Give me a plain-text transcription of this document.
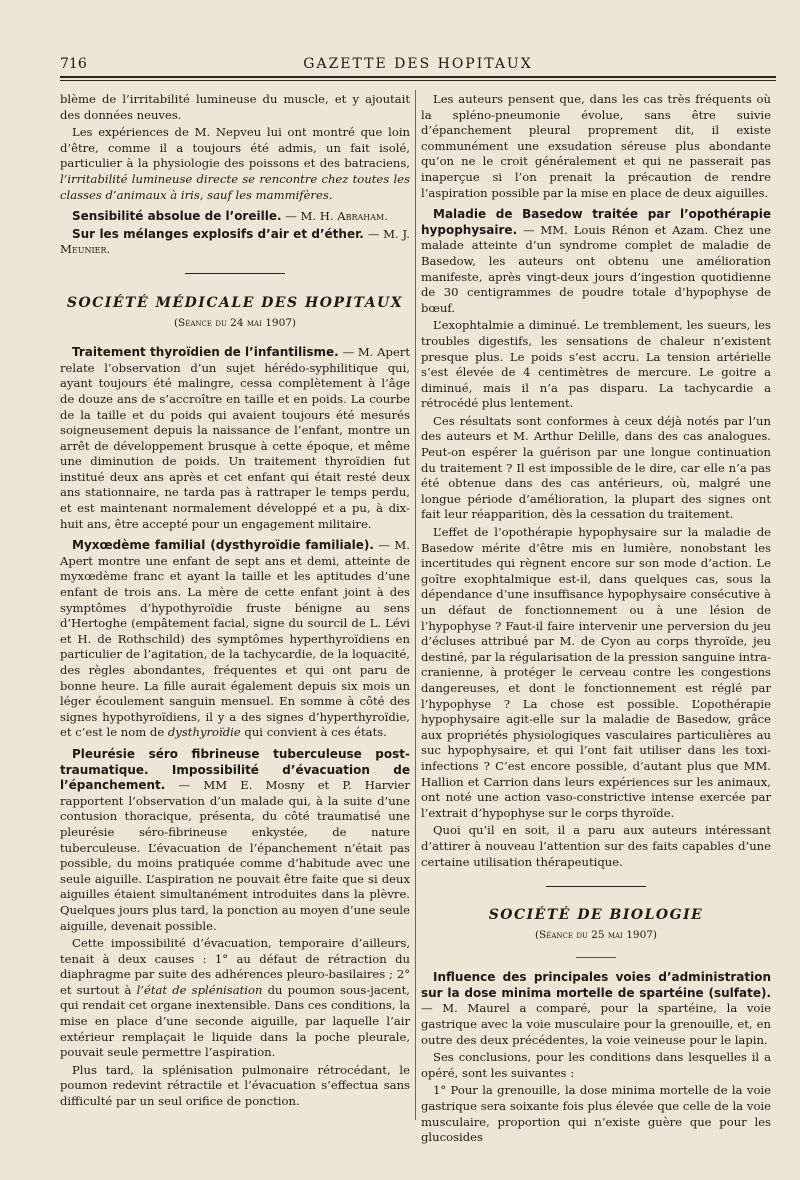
716	GAZETTE DES HOPITAUX

blème de l’irritabilité lumineuse du muscle, et y ajoutait des données neuves.

Les expériences de M. Nepveu lui ont montré que loin d’être, comme il a toujours été admis, un fait isolé, particulier à la physiologie des poissons et des batraciens, l’irritabilité lumineuse directe se rencontre chez toutes les classes d’animaux à iris, sauf les mammifères.

Sensibilité absolue de l’oreille. — M. H. Abraham.

Sur les mélanges explosifs d’air et d’éther. — M. J. Meunier.

SOCIÉTÉ MÉDICALE DES HOPITAUX
(Séance du 24 mai 1907)

Traitement thyroïdien de l’infantilisme. — M. Apert relate l’observation d’un sujet hérédo-syphilitique qui, ayant toujours été malingre, cessa complètement à l’âge de douze ans de s’accroître en taille et en poids. La courbe de la taille et du poids qui avaient toujours été mesurés soigneusement depuis la naissance de l’enfant, montre un arrêt de développement brusque à cette époque, et même une diminution de poids. Un traitement thyroïdien fut institué deux ans après et cet enfant qui était resté deux ans stationnaire, ne tarda pas à rattraper le temps perdu, et est maintenant normalement développé et a pu, à dix-huit ans, être accepté pour un engagement militaire.

Myxœdème familial (dysthyroïdie familiale). — M. Apert montre une enfant de sept ans et demi, atteinte de myxœdème franc et ayant la taille et les aptitudes d’une enfant de trois ans. La mère de cette enfant joint à des symptômes d’hypothyroïdie fruste bénigne au sens d’Hertoghe (empâtement facial, signe du sourcil de L. Lévi et H. de Rothschild) des symptômes hyperthyroïdiens en particulier de l’agitation, de la tachycardie, de la loquacité, des règles abondantes, fréquentes et qui ont paru de bonne heure. La fille aurait également depuis six mois un léger écoulement sanguin mensuel. En somme à côté des signes hypothyroïdiens, il y a des signes d’hyperthyroïdie, et c’est le nom de dysthyroïdie qui convient à ces états.

Pleurésie séro fibrineuse tuberculeuse post-traumatique. Impossibilité d’évacuation de l’épanchement. — MM E. Mosny et P. Harvier rapportent l’observation d’un malade qui, à la suite d’une contusion thoracique, présenta, du côté traumatisé une pleurésie séro-fibrineuse enkystée, de nature tuberculeuse. L’évacuation de l’épanchement n’était pas possible, du moins pratiquée comme d’habitude avec une seule aiguille. L’aspiration ne pouvait être faite que si deux aiguilles étaient simultanément introduites dans la plèvre. Quelques jours plus tard, la ponction au moyen d’une seule aiguille, devenait possible.

Cette impossibilité d’évacuation, temporaire d’ailleurs, tenait à deux causes : 1° au défaut de rétraction du diaphragme par suite des adhérences pleuro-basilaires ; 2° et surtout à l’état de splénisation du poumon sous-jacent, qui rendait cet organe inextensible. Dans ces conditions, la mise en place d’une seconde aiguille, par laquelle l’air extérieur remplaçait le liquide dans la poche pleurale, pouvait seule permettre l’aspiration.

Plus tard, la splénisation pulmonaire rétrocédant, le poumon redevint rétractile et l’évacuation s’effectua sans difficulté par un seul orifice de ponction.

Les auteurs pensent que, dans les cas très fréquents où la spléno-pneumonie évolue, sans être suivie d’épanchement pleural proprement dit, il existe communément une exsudation séreuse plus abondante qu’on ne le croit généralement et qui ne passerait pas inaperçue si l’on prenait la précaution de rendre l’aspiration possible par la mise en place de deux aiguilles.

Maladie de Basedow traitée par l’opothérapie hypophysaire. — MM. Louis Rénon et Azam. Chez une malade atteinte d’un syndrome complet de maladie de Basedow, les auteurs ont obtenu une amélioration manifeste, après vingt-deux jours d’ingestion quotidienne de 30 centigrammes de poudre totale d’hypophyse de bœuf.

L’exophtalmie a diminué. Le tremblement, les sueurs, les troubles digestifs, les sensations de chaleur n’existent presque plus. Le poids s’est accru. La tension artérielle s’est élevée de 4 centimètres de mercure. Le goitre a diminué, mais il n’a pas disparu. La tachycardie a rétrocédé plus lentement.

Ces résultats sont conformes à ceux déjà notés par l’un des auteurs et M. Arthur Delille, dans des cas analogues. Peut-on espérer la guérison par une longue continuation du traitement ? Il est impossible de le dire, car elle n’a pas été obtenue dans des cas antérieurs, où, malgré une longue période d’amélioration, la plupart des signes ont fait leur réapparition, dès la cessation du traitement.

L’effet de l’opothérapie hypophysaire sur la maladie de Basedow mérite d’être mis en lumière, nonobstant les incertitudes qui règnent encore sur son mode d’action. Le goître exophtalmique est-il, dans quelques cas, sous la dépendance d’une insuffisance hypophysaire consécutive à un défaut de fonctionnement ou à une lésion de l’hypophyse ? Faut-il faire intervenir une perversion du jeu d’écluses attribué par M. de Cyon au corps thyroïde, jeu destiné, par la régularisation de la pression sanguine intra-cranienne, à protéger le cerveau contre les congestions dangereuses, et dont le fonctionnement est réglé par l’hypophyse ? La chose est possible. L’opothérapie hypophysaire agit-elle sur la maladie de Basedow, grâce aux propriétés physiologiques vasculaires particulières au suc hypophysaire, et qui l’ont fait utiliser dans les toxi-infections ? C’est encore possible, d’autant plus que MM. Hallion et Carrion dans leurs expériences sur les animaux, ont noté une action vaso-constrictive intense exercée par l’extrait d’hypophyse sur le corps thyroïde.

Quoi qu’il en soit, il a paru aux auteurs intéressant d’attirer à nouveau l’attention sur des faits capables d’une certaine utilisation thérapeutique.

SOCIÉTÉ DE BIOLOGIE
(Séance du 25 mai 1907)

Influence des principales voies d’administration sur la dose minima mortelle de spartéine (sulfate). — M. Maurel a comparé, pour la spartéine, la voie gastrique avec la voie musculaire pour la grenouille, et, en outre des deux précédentes, la voie veineuse pour le lapin.

Ses conclusions, pour les conditions dans lesquelles il a opéré, sont les suivantes :

1° Pour la grenouille, la dose minima mortelle de la voie gastrique sera soixante fois plus élevée que celle de la voie musculaire, proportion qui n’existe guère que pour les glucosides
